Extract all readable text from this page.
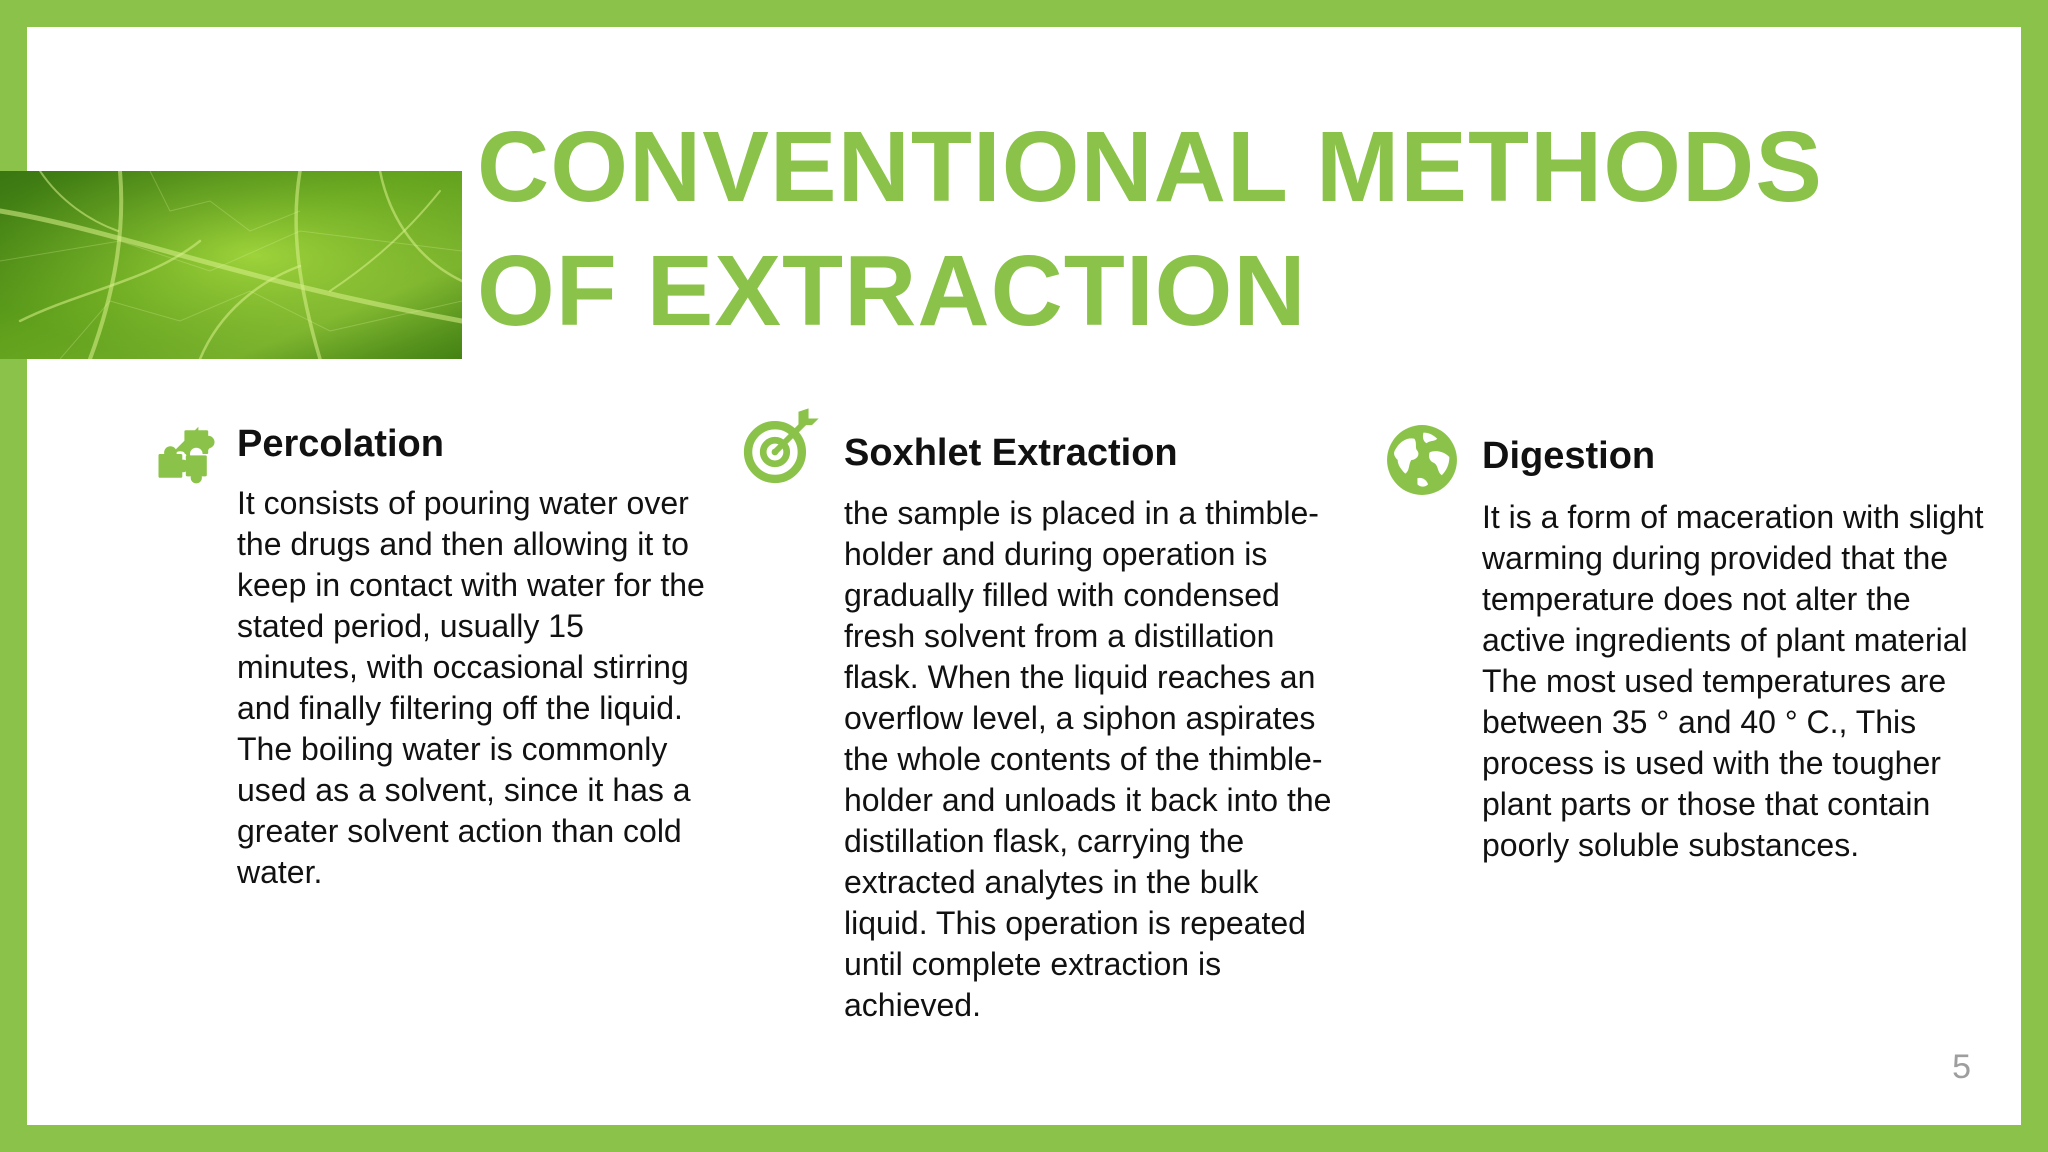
CONVENTIONAL METHODS OF EXTRACTION
Percolation

It consists of pouring water over the drugs and then allowing it to keep in contact with water for the stated period, usually 15 minutes, with occasional stirring and finally filtering off the liquid. The boiling water is commonly used as a solvent, since it has a greater solvent action than cold water.

Soxhlet Extraction

the sample is placed in a thimble-holder and during operation is gradually filled with condensed fresh solvent from a distillation flask. When the liquid reaches an overflow level, a siphon aspirates the whole contents of the thimble-holder and unloads it back into the distillation flask, carrying the extracted analytes in the bulk liquid. This operation is repeated until complete extraction is achieved.

Digestion

It is a form of maceration with slight warming during provided that the temperature does not alter the active ingredients of plant material The most used temperatures are between 35 ° and 40 ° C., This process is used with the tougher plant parts or those that contain poorly soluble substances.

5
